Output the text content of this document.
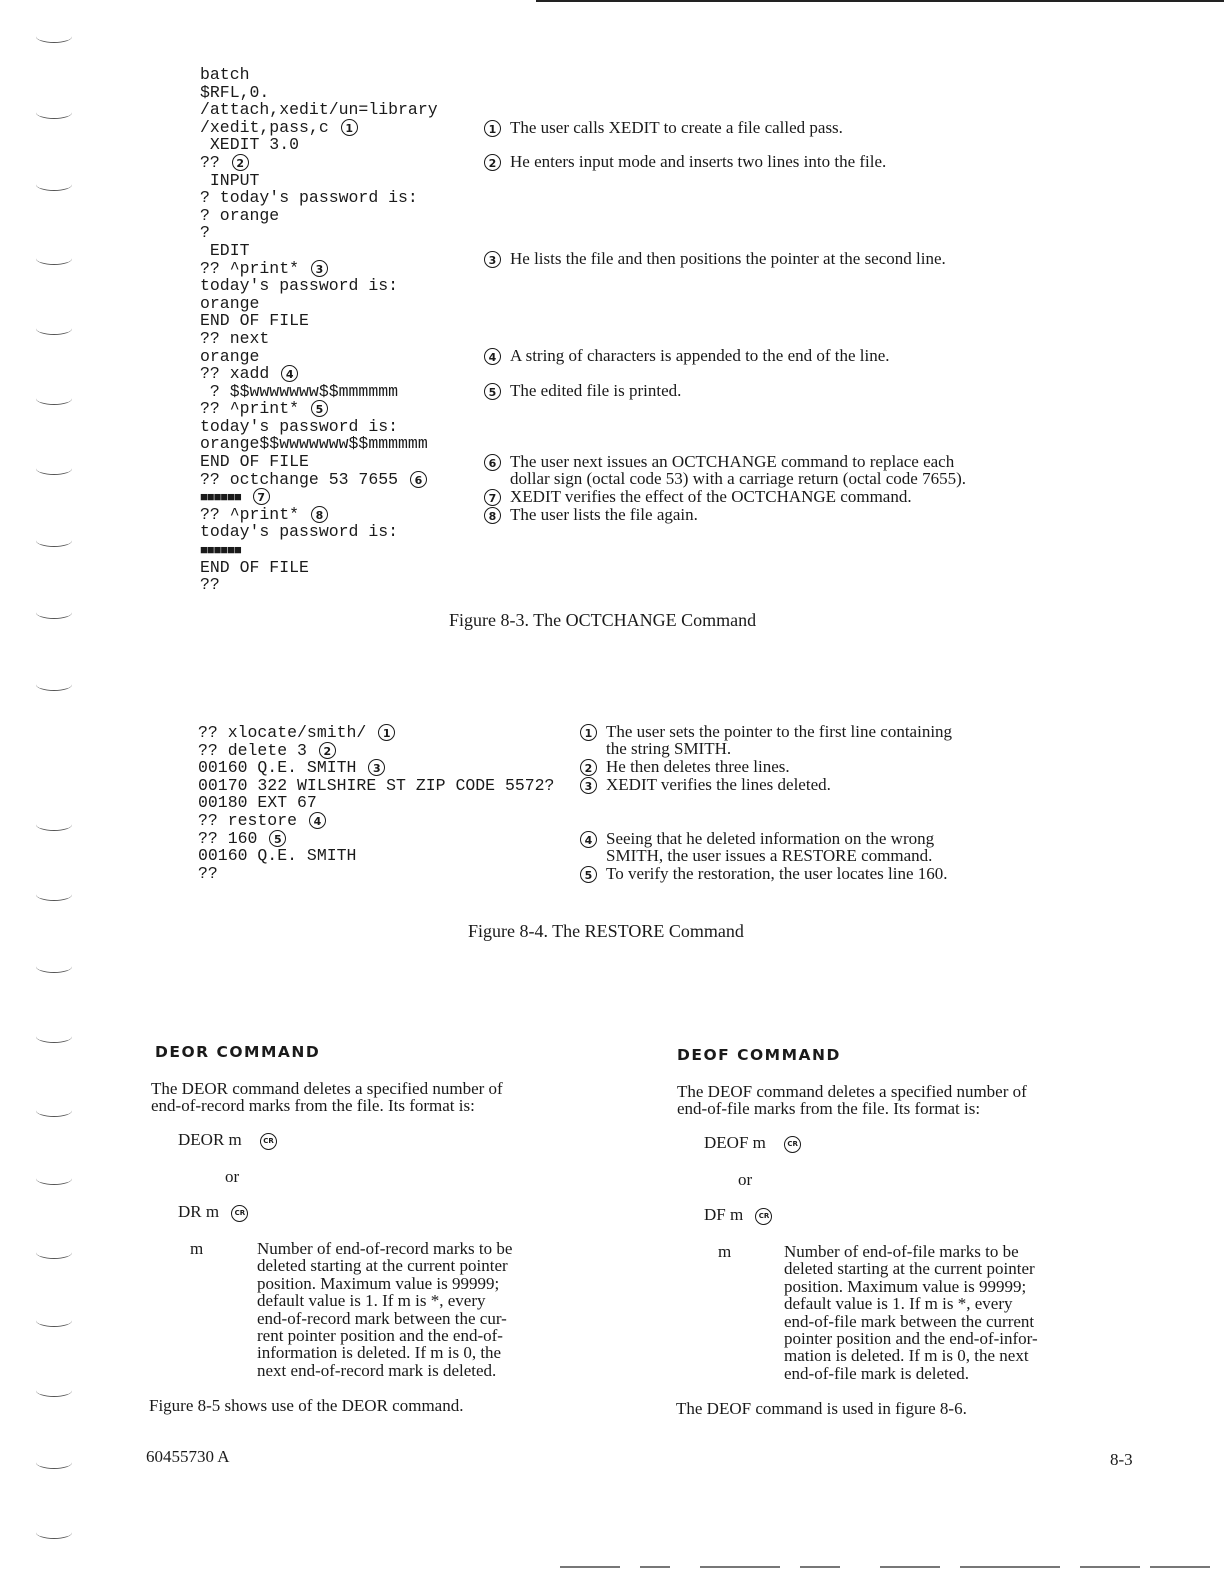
batch
$RFL,0.
/attach,xedit/un=library
/xedit,pass,c 1
XEDIT 3.0
?? 2
INPUT
? today's password is:
? orange
?
EDIT
?? ^print* 3
today's password is:
orange
END OF FILE
?? next
orange
?? xadd 4
? $$wwwwwww$$mmmmmm
?? ^print* 5
today's password is:
orange$$wwwwwww$$mmmmmm
END OF FILE
?? octchange 53 7655 6
■■■■■■ 7
?? ^print* 8
today's password is:
■■■■■■
END OF FILE
??
1 The user calls XEDIT to create a file called pass.
2 He enters input mode and inserts two lines into the file.
3 He lists the file and then positions the pointer at the second line.
4 A string of characters is appended to the end of the line.
5 The edited file is printed.
6 The user next issues an OCTCHANGE command to replace each
dollar sign (octal code 53) with a carriage return (octal code 7655).
7 XEDIT verifies the effect of the OCTCHANGE command.
8 The user lists the file again.
Figure 8-3. The OCTCHANGE Command
?? xlocate/smith/ 1
?? delete 3 2
00160 Q.E. SMITH 3
00170 322 WILSHIRE ST ZIP CODE 5572?
00180 EXT 67
?? restore 4
?? 160 5
00160 Q.E. SMITH
??
1 The user sets the pointer to the first line containing
the string SMITH.
2 He then deletes three lines.
3 XEDIT verifies the lines deleted.
4 Seeing that he deleted information on the wrong
SMITH, the user issues a RESTORE command.
5 To verify the restoration, the user locates line 160.
Figure 8-4. The RESTORE Command
DEOR COMMAND
The DEOR command deletes a specified number of
end-of-record marks from the file. Its format is:
DEOR m	CR
or
DR m CR
m	Number of end-of-record marks to be
deleted starting at the current pointer
position. Maximum value is 99999;
default value is 1. If m is *, every
end-of-record mark between the cur-
rent pointer position and the end-of-
information is deleted. If m is 0, the
next end-of-record mark is deleted.
Figure 8-5 shows use of the DEOR command.
DEOF COMMAND
The DEOF command deletes a specified number of
end-of-file marks from the file. Its format is:
DEOF m	CR
or
DF m CR
m	Number of end-of-file marks to be
deleted starting at the current pointer
position. Maximum value is 99999;
default value is 1. If m is *, every
end-of-file mark between the current
pointer position and the end-of-infor-
mation is deleted. If m is 0, the next
end-of-file mark is deleted.
The DEOF command is used in figure 8-6.
60455730 A	8-3
